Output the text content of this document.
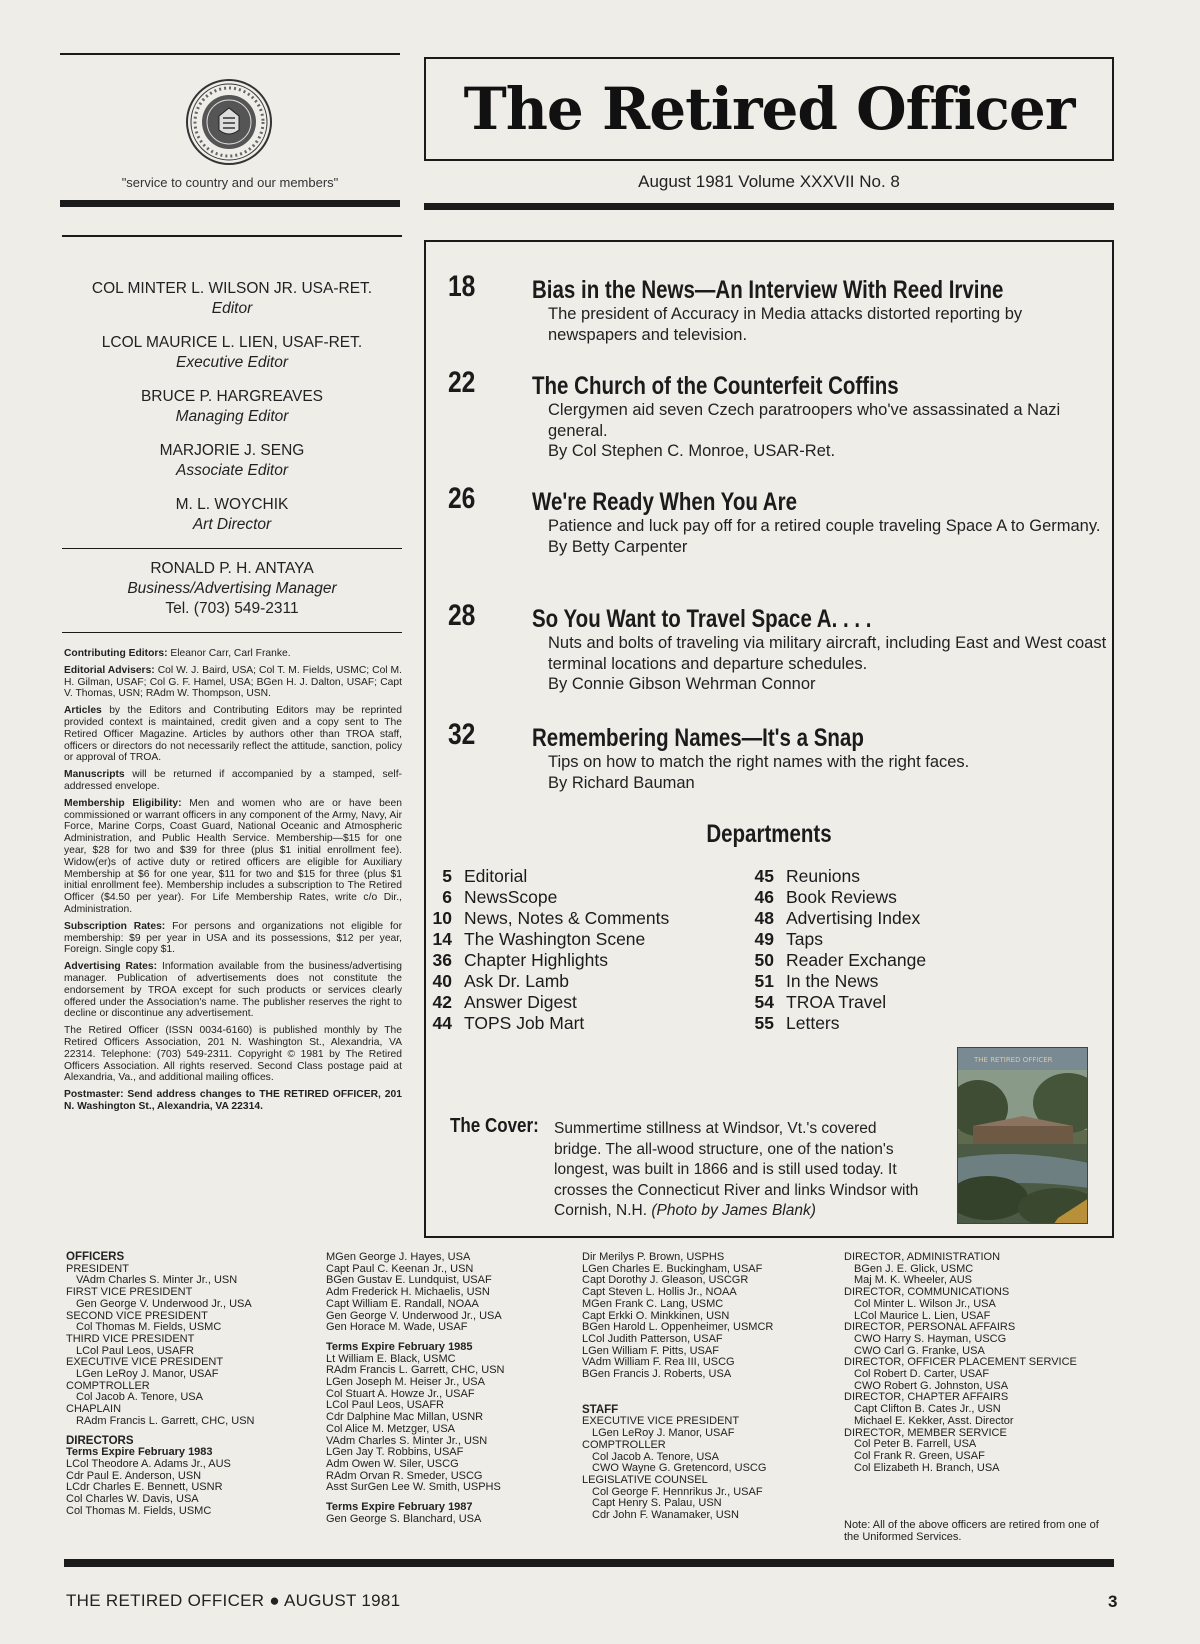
"service to country and our members"
The Retired Officer
August 1981 Volume XXXVII No. 8
COL MINTER L. WILSON JR. USA-RET.
Editor
LCOL MAURICE L. LIEN, USAF-RET.
Executive Editor
BRUCE P. HARGREAVES
Managing Editor
MARJORIE J. SENG
Associate Editor
M. L. WOYCHIK
Art Director
RONALD P. H. ANTAYA
Business/Advertising Manager
Tel. (703) 549-2311

Contributing Editors: Eleanor Carr, Carl Franke.

Editorial Advisers: Col W. J. Baird, USA; Col T. M. Fields, USMC; Col M. H. Gilman, USAF; Col G. F. Hamel, USA; BGen H. J. Dalton, USAF; Capt V. Thomas, USN; RAdm W. Thompson, USN.

Articles by the Editors and Contributing Editors may be reprinted provided context is maintained, credit given and a copy sent to The Retired Officer Magazine. Articles by authors other than TROA staff, officers or directors do not necessarily reflect the attitude, sanction, policy or approval of TROA.

Manuscripts will be returned if accompanied by a stamped, self-addressed envelope.

Membership Eligibility: Men and women who are or have been commissioned or warrant officers in any component of the Army, Navy, Air Force, Marine Corps, Coast Guard, National Oceanic and Atmospheric Administration, and Public Health Service. Membership—$15 for one year, $28 for two and $39 for three (plus $1 initial enrollment fee). Widow(er)s of active duty or retired officers are eligible for Auxiliary Membership at $6 for one year, $11 for two and $15 for three (plus $1 initial enrollment fee). Membership includes a subscription to The Retired Officer ($4.50 per year). For Life Membership Rates, write c/o Dir., Administration.

Subscription Rates: For persons and organizations not eligible for membership: $9 per year in USA and its possessions, $12 per year, Foreign. Single copy $1.

Advertising Rates: Information available from the business/advertising manager. Publication of advertisements does not constitute the endorsement by TROA except for such products or services clearly offered under the Association's name. The publisher reserves the right to decline or discontinue any advertisement.

The Retired Officer (ISSN 0034-6160) is published monthly by The Retired Officers Association, 201 N. Washington St., Alexandria, VA 22314. Telephone: (703) 549-2311. Copyright © 1981 by The Retired Officers Association. All rights reserved. Second Class postage paid at Alexandria, Va., and additional mailing offices.

Postmaster: Send address changes to THE RETIRED OFFICER, 201 N. Washington St., Alexandria, VA 22314.

18 Bias in the News—An Interview With Reed Irvine
The president of Accuracy in Media attacks distorted reporting by newspapers and television.
22 The Church of the Counterfeit Coffins
Clergymen aid seven Czech paratroopers who've assassinated a Nazi general.
By Col Stephen C. Monroe, USAR-Ret.
26 We're Ready When You Are
Patience and luck pay off for a retired couple traveling Space A to Germany.
By Betty Carpenter
28 So You Want to Travel Space A. . . .
Nuts and bolts of traveling via military aircraft, including East and West coast terminal locations and departure schedules.
By Connie Gibson Wehrman Connor
32 Remembering Names—It's a Snap
Tips on how to match the right names with the right faces.
By Richard Bauman
Departments
5 Editorial
6 NewsScope
10 News, Notes & Comments
14 The Washington Scene
36 Chapter Highlights
40 Ask Dr. Lamb
42 Answer Digest
44 TOPS Job Mart
45 Reunions
46 Book Reviews
48 Advertising Index
49 Taps
50 Reader Exchange
51 In the News
54 TROA Travel
55 Letters
The Cover: Summertime stillness at Windsor, Vt.'s covered bridge. The all-wood structure, one of the nation's longest, was built in 1866 and is still used today. It crosses the Connecticut River and links Windsor with Cornish, N.H. (Photo by James Blank)
THE RETIRED OFFICER
OFFICERS
PRESIDENT
VAdm Charles S. Minter Jr., USN
FIRST VICE PRESIDENT
Gen George V. Underwood Jr., USA
SECOND VICE PRESIDENT
Col Thomas M. Fields, USMC
THIRD VICE PRESIDENT
LCol Paul Leos, USAFR
EXECUTIVE VICE PRESIDENT
LGen LeRoy J. Manor, USAF
COMPTROLLER
Col Jacob A. Tenore, USA
CHAPLAIN
RAdm Francis L. Garrett, CHC, USN
DIRECTORS
Terms Expire February 1983
LCol Theodore A. Adams Jr., AUS
Cdr Paul E. Anderson, USN
LCdr Charles E. Bennett, USNR
Col Charles W. Davis, USA
Col Thomas M. Fields, USMC
MGen George J. Hayes, USA
Capt Paul C. Keenan Jr., USN
BGen Gustav E. Lundquist, USAF
Adm Frederick H. Michaelis, USN
Capt William E. Randall, NOAA
Gen George V. Underwood Jr., USA
Gen Horace M. Wade, USAF
Terms Expire February 1985
Lt William E. Black, USMC
RAdm Francis L. Garrett, CHC, USN
LGen Joseph M. Heiser Jr., USA
Col Stuart A. Howze Jr., USAF
LCol Paul Leos, USAFR
Cdr Dalphine Mac Millan, USNR
Col Alice M. Metzger, USA
VAdm Charles S. Minter Jr., USN
LGen Jay T. Robbins, USAF
Adm Owen W. Siler, USCG
RAdm Orvan R. Smeder, USCG
Asst SurGen Lee W. Smith, USPHS
Terms Expire February 1987
Gen George S. Blanchard, USA
Dir Merilys P. Brown, USPHS
LGen Charles E. Buckingham, USAF
Capt Dorothy J. Gleason, USCGR
Capt Steven L. Hollis Jr., NOAA
MGen Frank C. Lang, USMC
Capt Erkki O. Minkkinen, USN
BGen Harold L. Oppenheimer, USMCR
LCol Judith Patterson, USAF
LGen William F. Pitts, USAF
VAdm William F. Rea III, USCG
BGen Francis J. Roberts, USA
STAFF
EXECUTIVE VICE PRESIDENT
LGen LeRoy J. Manor, USAF
COMPTROLLER
Col Jacob A. Tenore, USA
CWO Wayne G. Gretencord, USCG
LEGISLATIVE COUNSEL
Col George F. Hennrikus Jr., USAF
Capt Henry S. Palau, USN
Cdr John F. Wanamaker, USN
DIRECTOR, ADMINISTRATION
BGen J. E. Glick, USMC
Maj M. K. Wheeler, AUS
DIRECTOR, COMMUNICATIONS
Col Minter L. Wilson Jr., USA
LCol Maurice L. Lien, USAF
DIRECTOR, PERSONAL AFFAIRS
CWO Harry S. Hayman, USCG
CWO Carl G. Franke, USA
DIRECTOR, OFFICER PLACEMENT SERVICE
Col Robert D. Carter, USAF
CWO Robert G. Johnston, USA
DIRECTOR, CHAPTER AFFAIRS
Capt Clifton B. Cates Jr., USN
Michael E. Kekker, Asst. Director
DIRECTOR, MEMBER SERVICE
Col Peter B. Farrell, USA
Col Frank R. Green, USAF
Col Elizabeth H. Branch, USA
Note: All of the above officers are retired from one of the Uniformed Services.
THE RETIRED OFFICER ● AUGUST 1981	3
